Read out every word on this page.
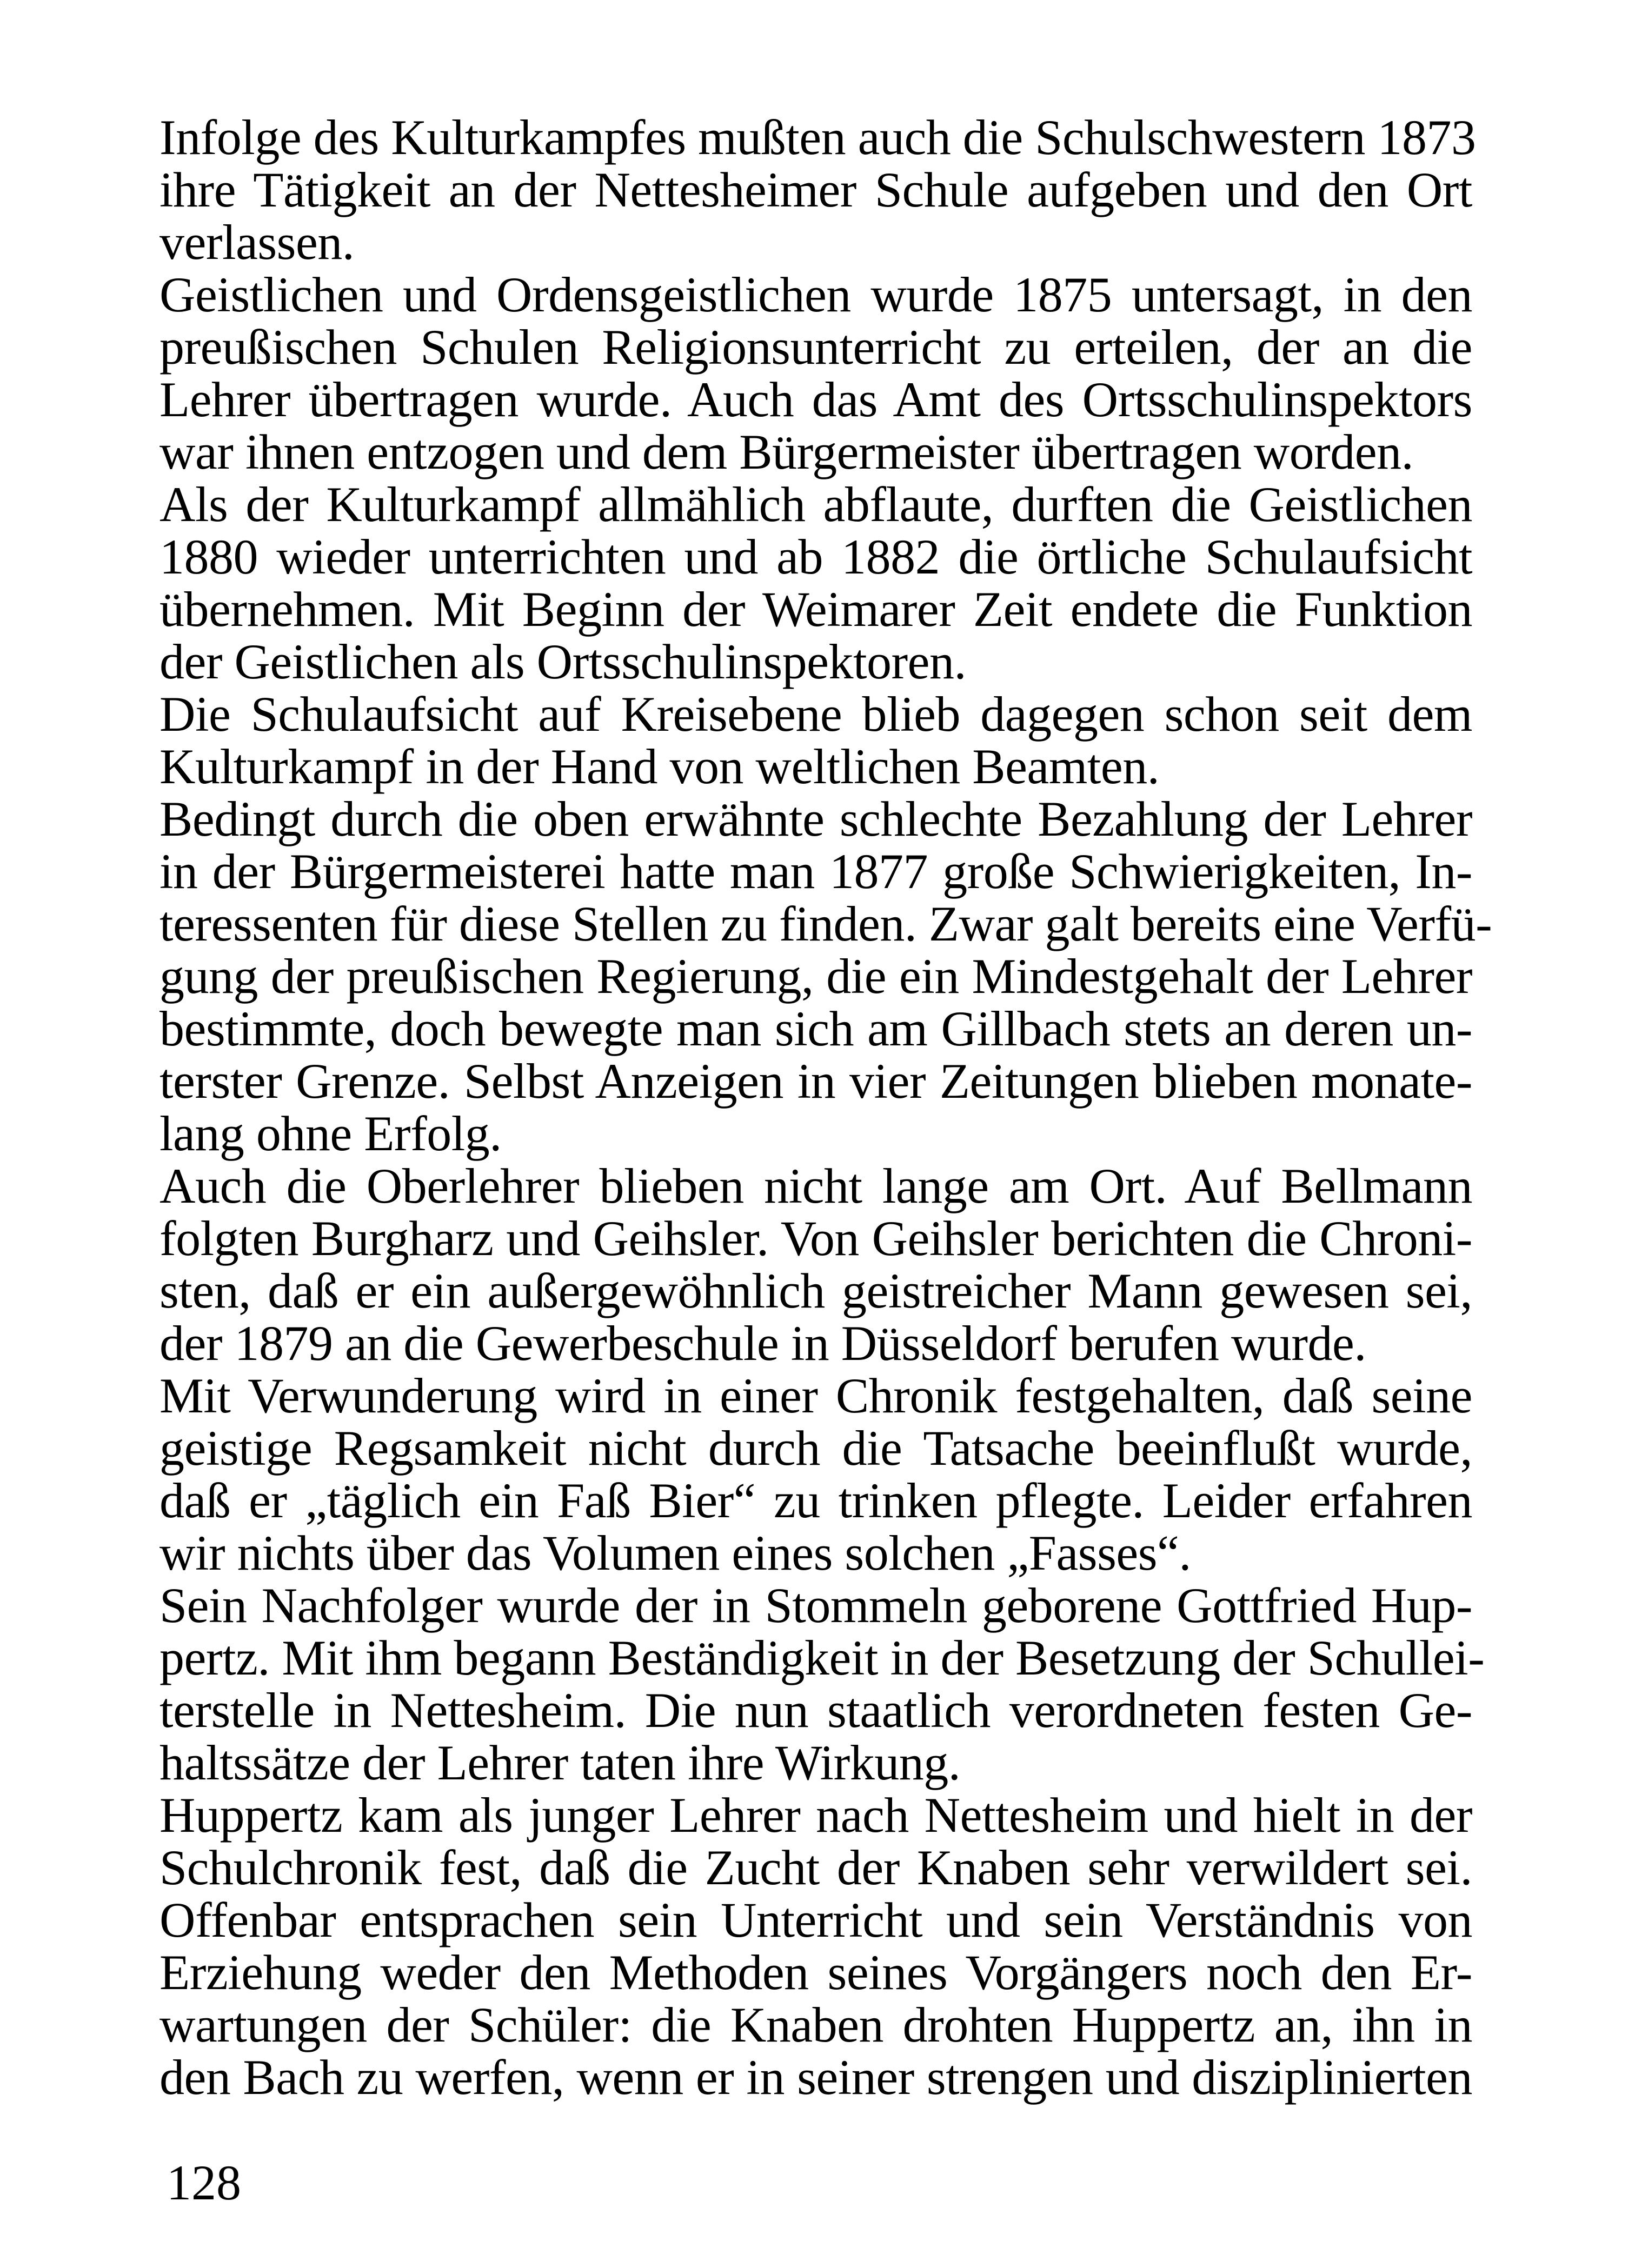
Infolge des Kulturkampfes mußten auch die Schulschwestern 1873
ihre Tätigkeit an der Nettesheimer Schule aufgeben und den Ort
verlassen.
Geistlichen und Ordensgeistlichen wurde 1875 untersagt, in den
preußischen Schulen Religionsunterricht zu erteilen, der an die
Lehrer übertragen wurde. Auch das Amt des Ortsschulinspektors
war ihnen entzogen und dem Bürgermeister übertragen worden.
Als der Kulturkampf allmählich abflaute, durften die Geistlichen
1880 wieder unterrichten und ab 1882 die örtliche Schulaufsicht
übernehmen. Mit Beginn der Weimarer Zeit endete die Funktion
der Geistlichen als Ortsschulinspektoren.
Die Schulaufsicht auf Kreisebene blieb dagegen schon seit dem
Kulturkampf in der Hand von weltlichen Beamten.
Bedingt durch die oben erwähnte schlechte Bezahlung der Lehrer
in der Bürgermeisterei hatte man 1877 große Schwierigkeiten, In-
teressenten für diese Stellen zu finden. Zwar galt bereits eine Verfü-
gung der preußischen Regierung, die ein Mindestgehalt der Lehrer
bestimmte, doch bewegte man sich am Gillbach stets an deren un-
terster Grenze. Selbst Anzeigen in vier Zeitungen blieben monate-
lang ohne Erfolg.
Auch die Oberlehrer blieben nicht lange am Ort. Auf Bellmann
folgten Burgharz und Geihsler. Von Geihsler berichten die Chroni-
sten, daß er ein außergewöhnlich geistreicher Mann gewesen sei,
der 1879 an die Gewerbeschule in Düsseldorf berufen wurde.
Mit Verwunderung wird in einer Chronik festgehalten, daß seine
geistige Regsamkeit nicht durch die Tatsache beeinflußt wurde,
daß er „täglich ein Faß Bier“ zu trinken pflegte. Leider erfahren
wir nichts über das Volumen eines solchen „Fasses“.
Sein Nachfolger wurde der in Stommeln geborene Gottfried Hup-
pertz. Mit ihm begann Beständigkeit in der Besetzung der Schullei-
terstelle in Nettesheim. Die nun staatlich verordneten festen Ge-
haltssätze der Lehrer taten ihre Wirkung.
Huppertz kam als junger Lehrer nach Nettesheim und hielt in der
Schulchronik fest, daß die Zucht der Knaben sehr verwildert sei.
Offenbar entsprachen sein Unterricht und sein Verständnis von
Erziehung weder den Methoden seines Vorgängers noch den Er-
wartungen der Schüler: die Knaben drohten Huppertz an, ihn in
den Bach zu werfen, wenn er in seiner strengen und disziplinierten
128
